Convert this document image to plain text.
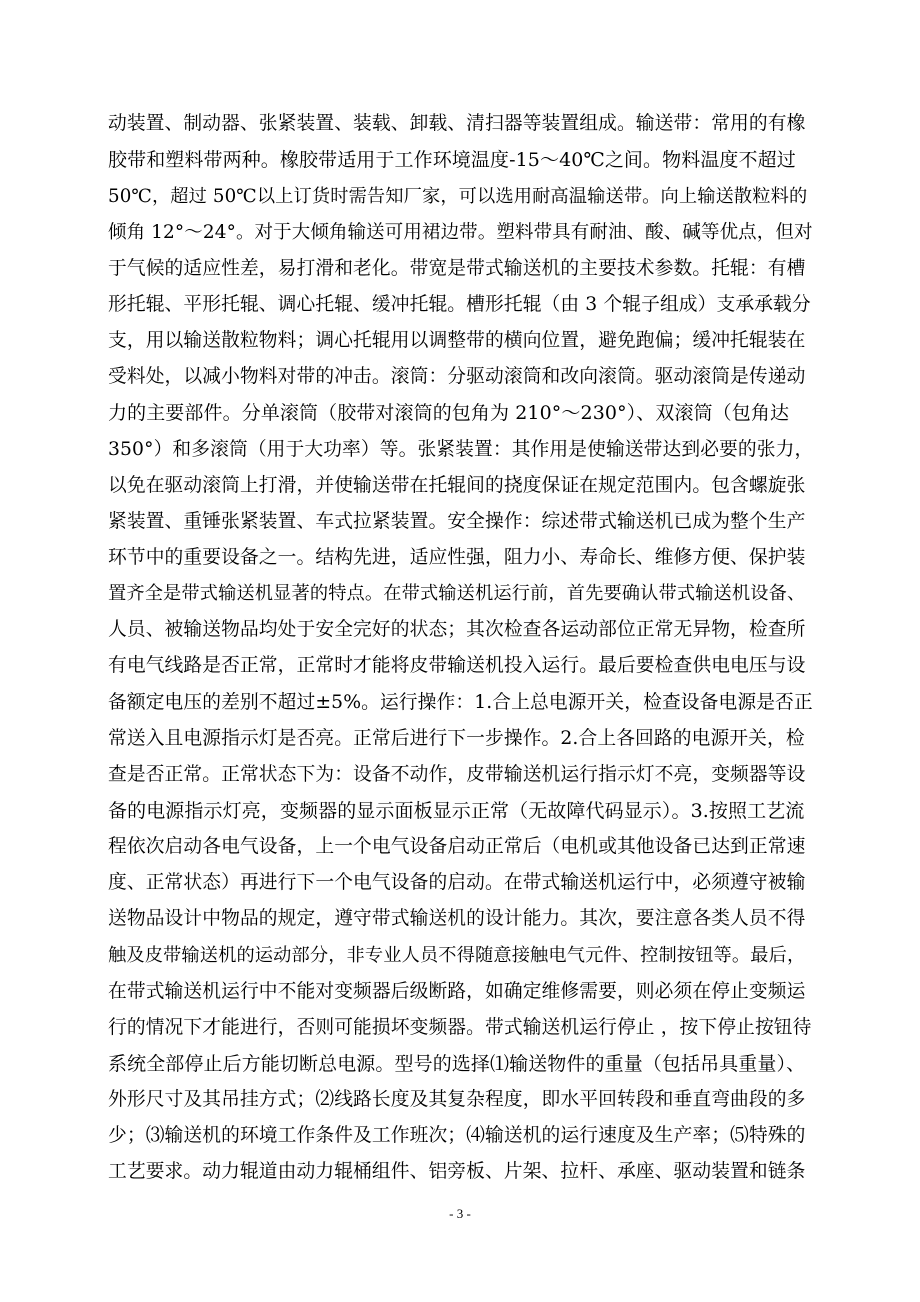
动装置、制动器、张紧装置、装载、卸载、清扫器等装置组成。输送带：常用的有橡
胶带和塑料带两种。橡胶带适用于工作环境温度-15～40℃之间。物料温度不超过
50℃，超过 50℃以上订货时需告知厂家，可以选用耐高温输送带。向上输送散粒料的
倾角 12°～24°。对于大倾角输送可用裙边带。塑料带具有耐油、酸、碱等优点，但对
于气候的适应性差，易打滑和老化。带宽是带式输送机的主要技术参数。托辊：有槽
形托辊、平形托辊、调心托辊、缓冲托辊。槽形托辊（由 3 个辊子组成）支承承载分
支，用以输送散粒物料；调心托辊用以调整带的横向位置，避免跑偏；缓冲托辊装在
受料处，以减小物料对带的冲击。滚筒：分驱动滚筒和改向滚筒。驱动滚筒是传递动
力的主要部件。分单滚筒（胶带对滚筒的包角为 210°～230°）、双滚筒（包角达
350°）和多滚筒（用于大功率）等。张紧装置：其作用是使输送带达到必要的张力，
以免在驱动滚筒上打滑，并使输送带在托辊间的挠度保证在规定范围内。包含螺旋张
紧装置、重锤张紧装置、车式拉紧装置。安全操作：综述带式输送机已成为整个生产
环节中的重要设备之一。结构先进，适应性强，阻力小、寿命长、维修方便、保护装
置齐全是带式输送机显著的特点。在带式输送机运行前，首先要确认带式输送机设备、
人员、被输送物品均处于安全完好的状态；其次检查各运动部位正常无异物，检查所
有电气线路是否正常，正常时才能将皮带输送机投入运行。最后要检查供电电压与设
备额定电压的差别不超过±5%。运行操作：1.合上总电源开关，检查设备电源是否正
常送入且电源指示灯是否亮。正常后进行下一步操作。2.合上各回路的电源开关，检
查是否正常。正常状态下为：设备不动作，皮带输送机运行指示灯不亮，变频器等设
备的电源指示灯亮，变频器的显示面板显示正常（无故障代码显示）。3.按照工艺流
程依次启动各电气设备，上一个电气设备启动正常后（电机或其他设备已达到正常速
度、正常状态）再进行下一个电气设备的启动。在带式输送机运行中，必须遵守被输
送物品设计中物品的规定，遵守带式输送机的设计能力。其次，要注意各类人员不得
触及皮带输送机的运动部分，非专业人员不得随意接触电气元件、控制按钮等。最后，
在带式输送机运行中不能对变频器后级断路，如确定维修需要，则必须在停止变频运
行的情况下才能进行，否则可能损坏变频器。带式输送机运行停止 ，按下停止按钮待
系统全部停止后方能切断总电源。型号的选择⑴输送物件的重量（包括吊具重量）、
外形尺寸及其吊挂方式；⑵线路长度及其复杂程度，即水平回转段和垂直弯曲段的多
少；⑶输送机的环境工作条件及工作班次；⑷输送机的运行速度及生产率；⑸特殊的
工艺要求。动力辊道由动力辊桶组件、铝旁板、片架、拉杆、承座、驱动装置和链条
- 3 -
